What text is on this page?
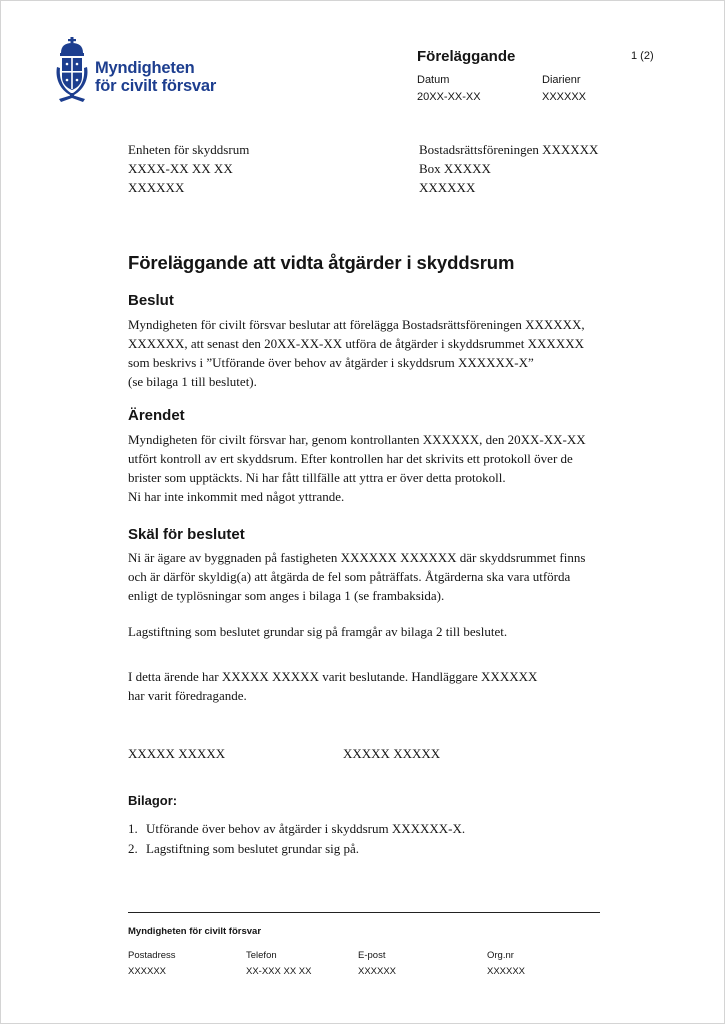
Myndigheten
för civilt försvar
Föreläggande	1 (2)
Datum
20XX-XX-XX
Diarienr
XXXXXX
Enheten för skyddsrum
XXXX-XX XX XX
XXXXXX
Bostadsrättsföreningen XXXXXX
Box XXXXX
XXXXXX
Föreläggande att vidta åtgärder i skyddsrum
Beslut
Myndigheten för civilt försvar beslutar att förelägga Bostadsrättsföreningen XXXXXX,
XXXXXX, att senast den 20XX-XX-XX utföra de åtgärder i skyddsrummet XXXXXX
som beskrivs i ”Utförande över behov av åtgärder i skyddsrum XXXXXX-X”
(se bilaga 1 till beslutet).
Ärendet
Myndigheten för civilt försvar har, genom kontrollanten XXXXXX, den 20XX-XX-XX
utfört kontroll av ert skyddsrum. Efter kontrollen har det skrivits ett protokoll över de
brister som upptäckts. Ni har fått tillfälle att yttra er över detta protokoll.
Ni har inte inkommit med något yttrande.
Skäl för beslutet
Ni är ägare av byggnaden på fastigheten XXXXXX XXXXXX där skyddsrummet finns
och är därför skyldig(a) att åtgärda de fel som påträffats. Åtgärderna ska vara utförda
enligt de typlösningar som anges i bilaga 1 (se frambaksida).
Lagstiftning som beslutet grundar sig på framgår av bilaga 2 till beslutet.
I detta ärende har XXXXX XXXXX varit beslutande. Handläggare XXXXXX
har varit föredragande.
XXXXX XXXXX	XXXXX XXXXX
Bilagor:
1. Utförande över behov av åtgärder i skyddsrum XXXXXX-X.
2. Lagstiftning som beslutet grundar sig på.
Myndigheten för civilt försvar
Postadress
XXXXXX
Telefon
XX-XXX XX XX
E-post
XXXXXX
Org.nr
XXXXXX
